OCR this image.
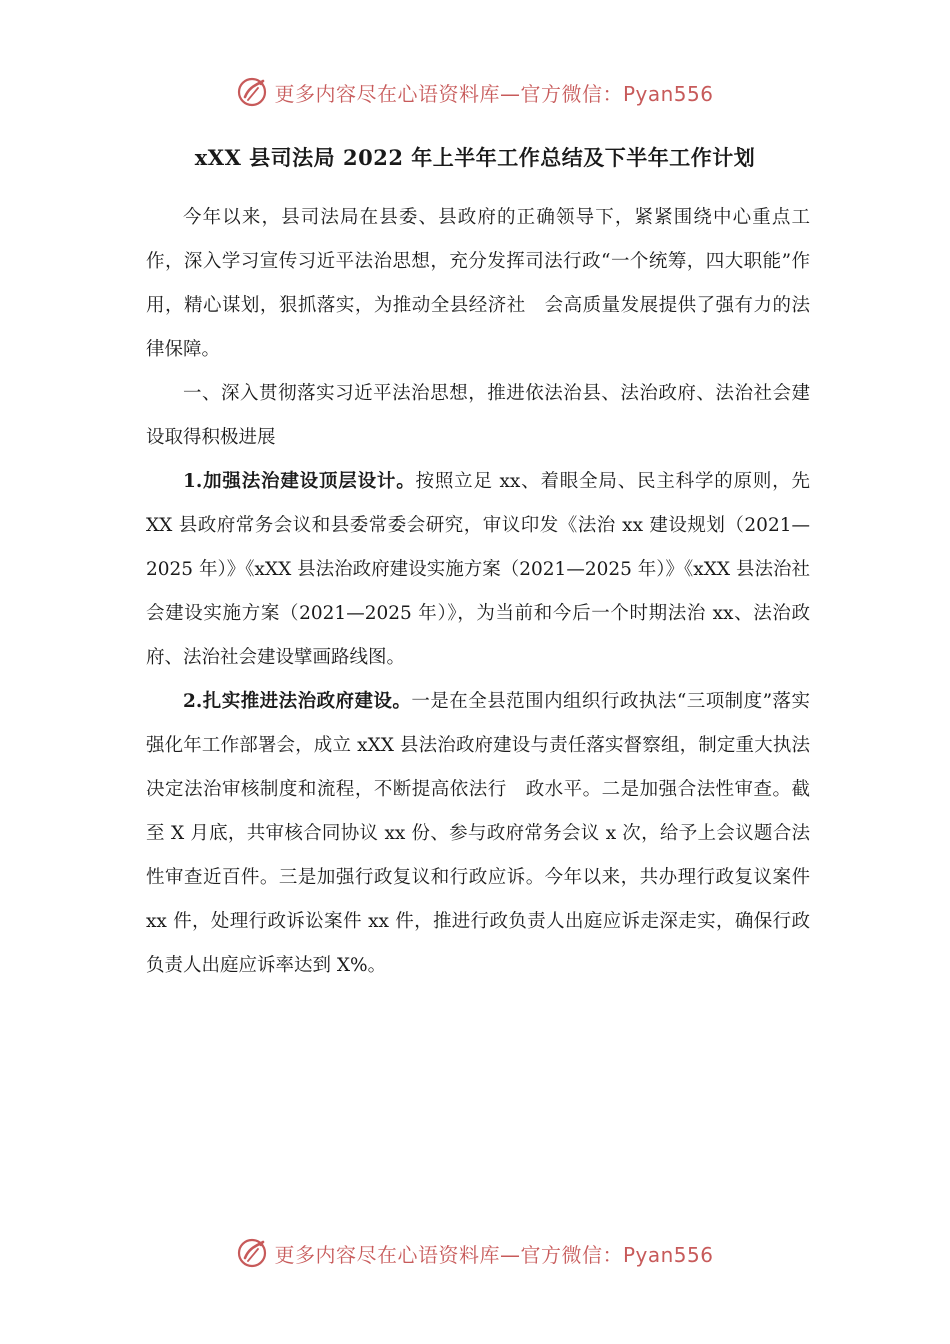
更多内容尽在心语资料库—官方微信：Pyan556
xXX 县司法局 2022 年上半年工作总结及下半年工作计划

今年以来，县司法局在县委、县政府的正确领导下，紧紧围绕中心重点工作，深入学习宣传习近平法治思想，充分发挥司法行政“一个统筹，四大职能”作用，精心谋划，狠抓落实，为推动全县经济社　会高质量发展提供了强有力的法律保障。

一、深入贯彻落实习近平法治思想，推进依法治县、法治政府、法治社会建设取得积极进展

1.加强法治建设顶层设计。按照立足 xx、着眼全局、民主科学的原则，先 XX 县政府常务会议和县委常委会研究，审议印发《法治 xx 建设规划（2021—2025 年）》《xXX 县法治政府建设实施方案（2021—2025 年）》《xXX 县法治社会建设实施方案（2021—2025 年）》，为当前和今后一个时期法治 xx、法治政府、法治社会建设擘画路线图。

2.扎实推进法治政府建设。一是在全县范围内组织行政执法“三项制度”落实强化年工作部署会，成立 xXX 县法治政府建设与责任落实督察组，制定重大执法决定法治审核制度和流程，不断提高依法行　政水平。二是加强合法性审查。截至 X 月底，共审核合同协议 xx 份、参与政府常务会议 x 次，给予上会议题合法性审查近百件。三是加强行政复议和行政应诉。今年以来，共办理行政复议案件 xx 件，处理行政诉讼案件 xx 件，推进行政负责人出庭应诉走深走实，确保行政负责人出庭应诉率达到 X%。

更多内容尽在心语资料库—官方微信：Pyan556
